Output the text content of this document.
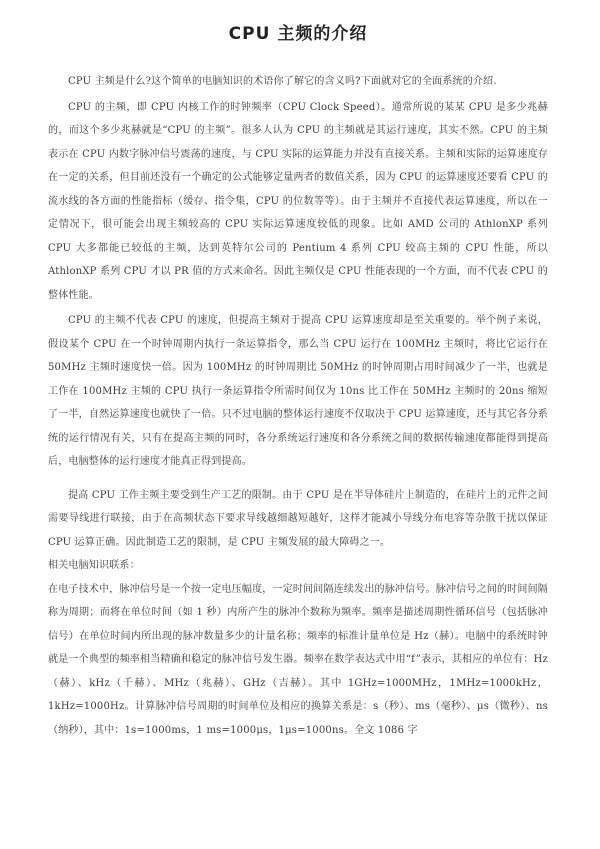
CPU 主频的介绍

CPU 主频是什么?这个简单的电脑知识的术语你了解它的含义吗?下面就对它的全面系统的介绍.

CPU 的主频，即 CPU 内核工作的时钟频率（CPU Clock Speed）。通常所说的某某 CPU 是多少兆赫的，而这个多少兆赫就是“CPU 的主频”。很多人认为 CPU 的主频就是其运行速度，其实不然。CPU 的主频表示在 CPU 内数字脉冲信号震荡的速度，与 CPU 实际的运算能力并没有直接关系。主频和实际的运算速度存在一定的关系，但目前还没有一个确定的公式能够定量两者的数值关系，因为 CPU 的运算速度还要看 CPU 的流水线的各方面的性能指标（缓存、指令集，CPU 的位数等等）。由于主频并不直接代表运算速度，所以在一定情况下，很可能会出现主频较高的 CPU 实际运算速度较低的现象。比如 AMD 公司的 AthlonXP 系列 CPU 大多都能已较低的主频，达到英特尔公司的 Pentium 4 系列 CPU 较高主频的 CPU 性能，所以 AthlonXP 系列 CPU 才以 PR 值的方式来命名。因此主频仅是 CPU 性能表现的一个方面，而不代表 CPU 的整体性能。

CPU 的主频不代表 CPU 的速度，但提高主频对于提高 CPU 运算速度却是至关重要的。举个例子来说，假设某个 CPU 在一个时钟周期内执行一条运算指令，那么当 CPU 运行在 100MHz 主频时，将比它运行在 50MHz 主频时速度快一倍。因为 100MHz 的时钟周期比 50MHz 的时钟周期占用时间减少了一半，也就是工作在 100MHz 主频的 CPU 执行一条运算指令所需时间仅为 10ns 比工作在 50MHz 主频时的 20ns 缩短了一半，自然运算速度也就快了一倍。只不过电脑的整体运行速度不仅取决于 CPU 运算速度，还与其它各分系统的运行情况有关，只有在提高主频的同时，各分系统运行速度和各分系统之间的数据传输速度都能得到提高后，电脑整体的运行速度才能真正得到提高。

提高 CPU 工作主频主要受到生产工艺的限制。由于 CPU 是在半导体硅片上制造的，在硅片上的元件之间需要导线进行联接，由于在高频状态下要求导线越细越短越好，这样才能减小导线分布电容等杂散干扰以保证 CPU 运算正确。因此制造工艺的限制，是 CPU 主频发展的最大障碍之一。

相关电脑知识联系：

在电子技术中，脉冲信号是一个按一定电压幅度，一定时间间隔连续发出的脉冲信号。脉冲信号之间的时间间隔称为周期；而将在单位时间（如 1 秒）内所产生的脉冲个数称为频率。频率是描述周期性循环信号（包括脉冲信号）在单位时间内所出现的脉冲数量多少的计量名称；频率的标准计量单位是 Hz（赫）。电脑中的系统时钟就是一个典型的频率相当精确和稳定的脉冲信号发生器。频率在数学表达式中用“f”表示，其相应的单位有：Hz（赫）、kHz（千赫）、MHz（兆赫）、GHz（吉赫）。其中 1GHz=1000MHz，1MHz=1000kHz，1kHz=1000Hz。计算脉冲信号周期的时间单位及相应的换算关系是：s（秒）、ms（毫秒）、μs（微秒）、ns（纳秒），其中：1s=1000ms，1 ms=1000μs，1μs=1000ns。全文 1086 字
